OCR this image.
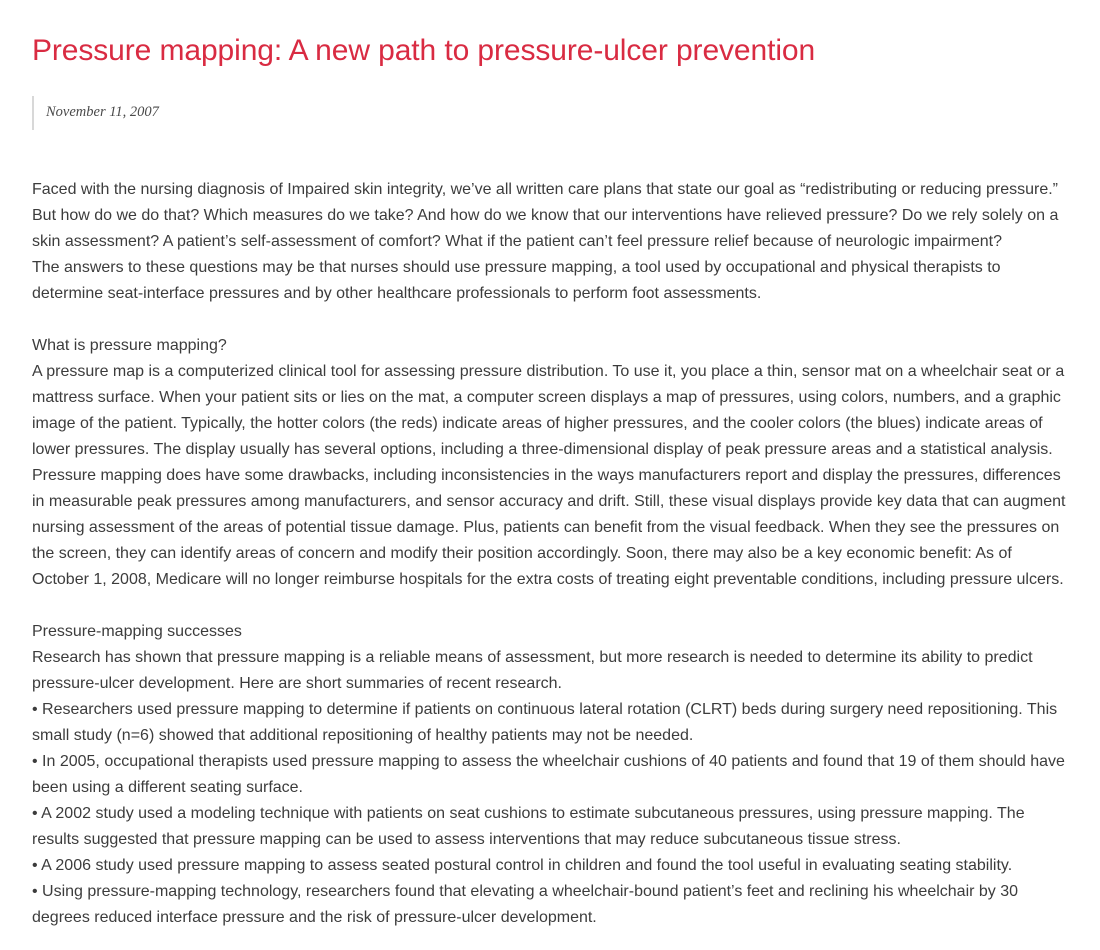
Pressure mapping: A new path to pressure-ulcer prevention
November 11, 2007

Faced with the nursing diagnosis of Impaired skin integrity, we’ve all written care plans that state our goal as “redistributing or reducing pressure.” But how do we do that? Which measures do we take? And how do we know that our interventions have relieved pressure? Do we rely solely on a skin assessment? A patient’s self-assessment of comfort? What if the patient can’t feel pressure relief because of neurologic impairment?

The answers to these questions may be that nurses should use pressure mapping, a tool used by occupational and physical therapists to determine seat-interface pressures and by other healthcare professionals to perform foot assessments.

What is pressure mapping?

A pressure map is a computerized clinical tool for assessing pressure distribution. To use it, you place a thin, sensor mat on a wheelchair seat or a mattress surface. When your patient sits or lies on the mat, a computer screen displays a map of pressures, using colors, numbers, and a graphic image of the patient. Typically, the hotter colors (the reds) indicate areas of higher pressures, and the cooler colors (the blues) indicate areas of lower pressures. The display usually has several options, including a three-dimensional display of peak pressure areas and a statistical analysis.

Pressure mapping does have some drawbacks, including inconsistencies in the ways manufacturers report and display the pressures, differences in measurable peak pressures among manufacturers, and sensor accuracy and drift. Still, these visual displays provide key data that can augment nursing assessment of the areas of potential tissue damage. Plus, patients can benefit from the visual feedback. When they see the pressures on the screen, they can identify areas of concern and modify their position accordingly. Soon, there may also be a key economic benefit: As of October 1, 2008, Medicare will no longer reimburse hospitals for the extra costs of treating eight preventable conditions, including pressure ulcers.

Pressure-mapping successes

Research has shown that pressure mapping is a reliable means of assessment, but more research is needed to determine its ability to predict pressure-ulcer development. Here are short summaries of recent research.

• Researchers used pressure mapping to determine if patients on continuous lateral rotation (CLRT) beds during surgery need repositioning. This small study (n=6) showed that additional repositioning of healthy patients may not be needed.

• In 2005, occupational therapists used pressure mapping to assess the wheelchair cushions of 40 patients and found that 19 of them should have been using a different seating surface.

• A 2002 study used a modeling technique with patients on seat cushions to estimate subcutaneous pressures, using pressure mapping. The results suggested that pressure mapping can be used to assess interventions that may reduce subcutaneous tissue stress.

• A 2006 study used pressure mapping to assess seated postural control in children and found the tool useful in evaluating seating stability.

• Using pressure-mapping technology, researchers found that elevating a wheelchair-bound patient’s feet and reclining his wheelchair by 30 degrees reduced interface pressure and the risk of pressure-ulcer development.
